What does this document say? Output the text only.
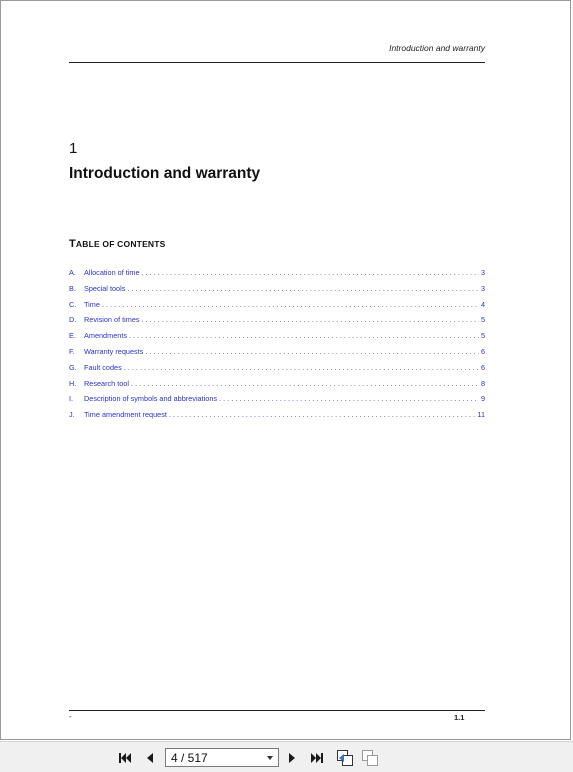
Introduction and warranty
1
Introduction and warranty
TABLE OF CONTENTS
A.	Allocation of time . . .	3
B.	Special tools . . .	3
C.	Time . . .	4
D.	Revision of times . . .	5
E.	Amendments . . .	5
F.	Warranty requests . . .	6
G. Fault codes . . .	6
H.	Research tool . . .	8
I.	Description of symbols and abbreviations . . .	9
J.	Time amendment request . . .	11
-	1.1
4 / 517
